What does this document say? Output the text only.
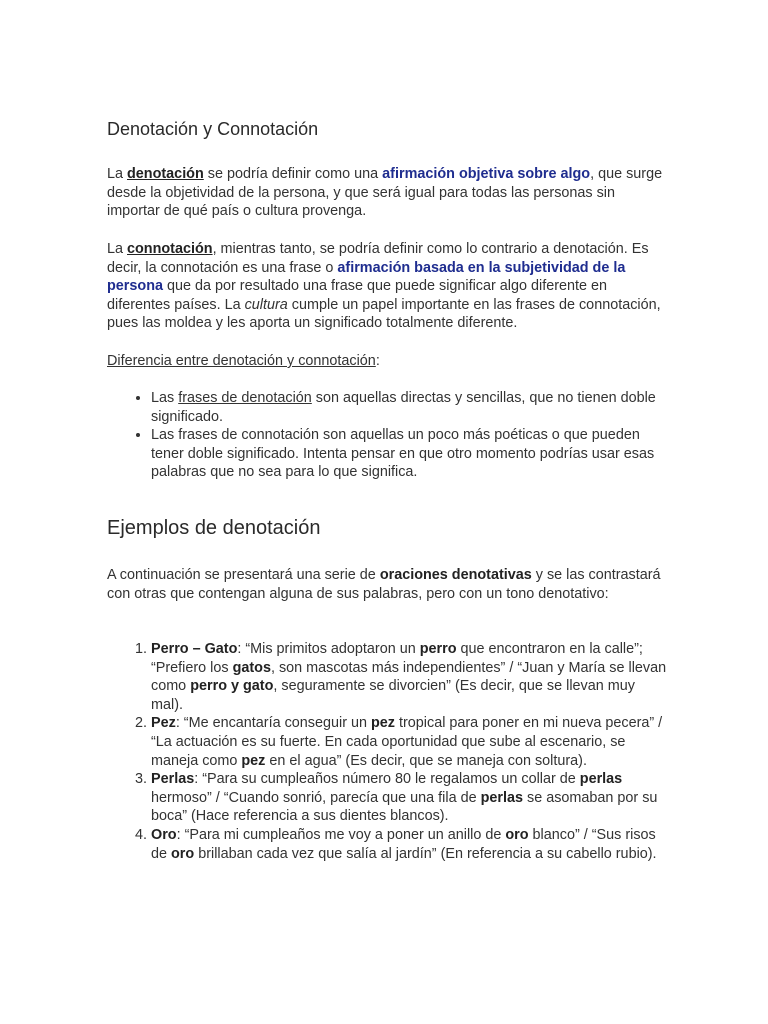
Denotación y Connotación

La denotación se podría definir como una afirmación objetiva sobre algo, que surge desde la objetividad de la persona, y que será igual para todas las personas sin importar de qué país o cultura provenga.

La connotación, mientras tanto, se podría definir como lo contrario a denotación. Es decir, la connotación es una frase o afirmación basada en la subjetividad de la persona que da por resultado una frase que puede significar algo diferente en diferentes países. La cultura cumple un papel importante en las frases de connotación, pues las moldea y les aporta un significado totalmente diferente.

Diferencia entre denotación y connotación:

• Las frases de denotación son aquellas directas y sencillas, que no tienen doble significado.
• Las frases de connotación son aquellas un poco más poéticas o que pueden tener doble significado. Intenta pensar en que otro momento podrías usar esas palabras que no sea para lo que significa.
Ejemplos de denotación

A continuación se presentará una serie de oraciones denotativas y se las contrastará con otras que contengan alguna de sus palabras, pero con un tono denotativo:

1. Perro – Gato: “Mis primitos adoptaron un perro que encontraron en la calle”; “Prefiero los gatos, son mascotas más independientes” / “Juan y María se llevan como perro y gato, seguramente se divorcien” (Es decir, que se llevan muy mal).
2. Pez: “Me encantaría conseguir un pez tropical para poner en mi nueva pecera” / “La actuación es su fuerte. En cada oportunidad que sube al escenario, se maneja como pez en el agua” (Es decir, que se maneja con soltura).
3. Perlas: “Para su cumpleaños número 80 le regalamos un collar de perlas hermoso” / “Cuando sonrió, parecía que una fila de perlas se asomaban por su boca” (Hace referencia a sus dientes blancos).
4. Oro: “Para mi cumpleaños me voy a poner un anillo de oro blanco” / “Sus risos de oro brillaban cada vez que salía al jardín” (En referencia a su cabello rubio).
